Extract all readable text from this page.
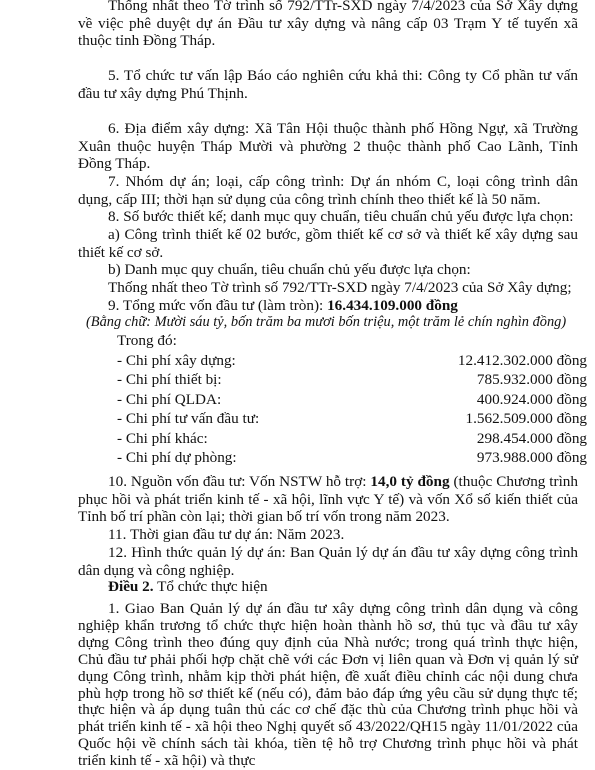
Thống nhất theo Tờ trình số 792/TTr-SXD ngày 7/4/2023 của Sở Xây dựng về việc phê duyệt dự án Đầu tư xây dựng và nâng cấp 03 Trạm Y tế tuyến xã thuộc tỉnh Đồng Tháp.

5. Tổ chức tư vấn lập Báo cáo nghiên cứu khả thi: Công ty Cổ phần tư vấn đầu tư xây dựng Phú Thịnh.

6. Địa điểm xây dựng: Xã Tân Hội thuộc thành phố Hồng Ngự, xã Trường Xuân thuộc huyện Tháp Mười và phường 2 thuộc thành phố Cao Lãnh, Tỉnh Đồng Tháp.

7. Nhóm dự án; loại, cấp công trình: Dự án nhóm C, loại công trình dân dụng, cấp III; thời hạn sử dụng của công trình chính theo thiết kế là 50 năm.

8. Số bước thiết kế; danh mục quy chuẩn, tiêu chuẩn chủ yếu được lựa chọn:

a) Công trình thiết kế 02 bước, gồm thiết kế cơ sở và thiết kế xây dựng sau thiết kế cơ sở.

b) Danh mục quy chuẩn, tiêu chuẩn chủ yếu được lựa chọn:

Thống nhất theo Tờ trình số 792/TTr-SXD ngày 7/4/2023 của Sở Xây dựng;

9. Tổng mức vốn đầu tư (làm tròn): 16.434.109.000 đồng

(Bằng chữ: Mười sáu tỷ, bốn trăm ba mươi bốn triệu, một trăm lẻ chín nghìn đồng)
Trong đó:
- Chi phí xây dựng:	12.412.302.000 đồng
- Chi phí thiết bị:	785.932.000 đồng
- Chi phí QLDA:	400.924.000 đồng
- Chi phí tư vấn đầu tư:	1.562.509.000 đồng
- Chi phí khác:	298.454.000 đồng
- Chi phí dự phòng:	973.988.000 đồng

10. Nguồn vốn đầu tư: Vốn NSTW hỗ trợ: 14,0 tỷ đồng (thuộc Chương trình phục hồi và phát triển kinh tế - xã hội, lĩnh vực Y tế) và vốn Xổ số kiến thiết của Tỉnh bố trí phần còn lại; thời gian bố trí vốn trong năm 2023.

11. Thời gian đầu tư dự án: Năm 2023.

12. Hình thức quản lý dự án: Ban Quản lý dự án đầu tư xây dựng công trình dân dụng và công nghiệp.

Điều 2. Tổ chức thực hiện

1. Giao Ban Quản lý dự án đầu tư xây dựng công trình dân dụng và công nghiệp khẩn trương tổ chức thực hiện hoàn thành hồ sơ, thủ tục và đầu tư xây dựng Công trình theo đúng quy định của Nhà nước; trong quá trình thực hiện, Chủ đầu tư phải phối hợp chặt chẽ với các Đơn vị liên quan và Đơn vị quản lý sử dụng Công trình, nhằm kịp thời phát hiện, đề xuất điều chỉnh các nội dung chưa phù hợp trong hồ sơ thiết kế (nếu có), đảm bảo đáp ứng yêu cầu sử dụng thực tế; thực hiện và áp dụng tuân thủ các cơ chế đặc thù của Chương trình phục hồi và phát triển kinh tế - xã hội theo Nghị quyết số 43/2022/QH15 ngày 11/01/2022 của Quốc hội về chính sách tài khóa, tiền tệ hỗ trợ Chương trình phục hồi và phát triển kinh tế - xã hội) và thực
